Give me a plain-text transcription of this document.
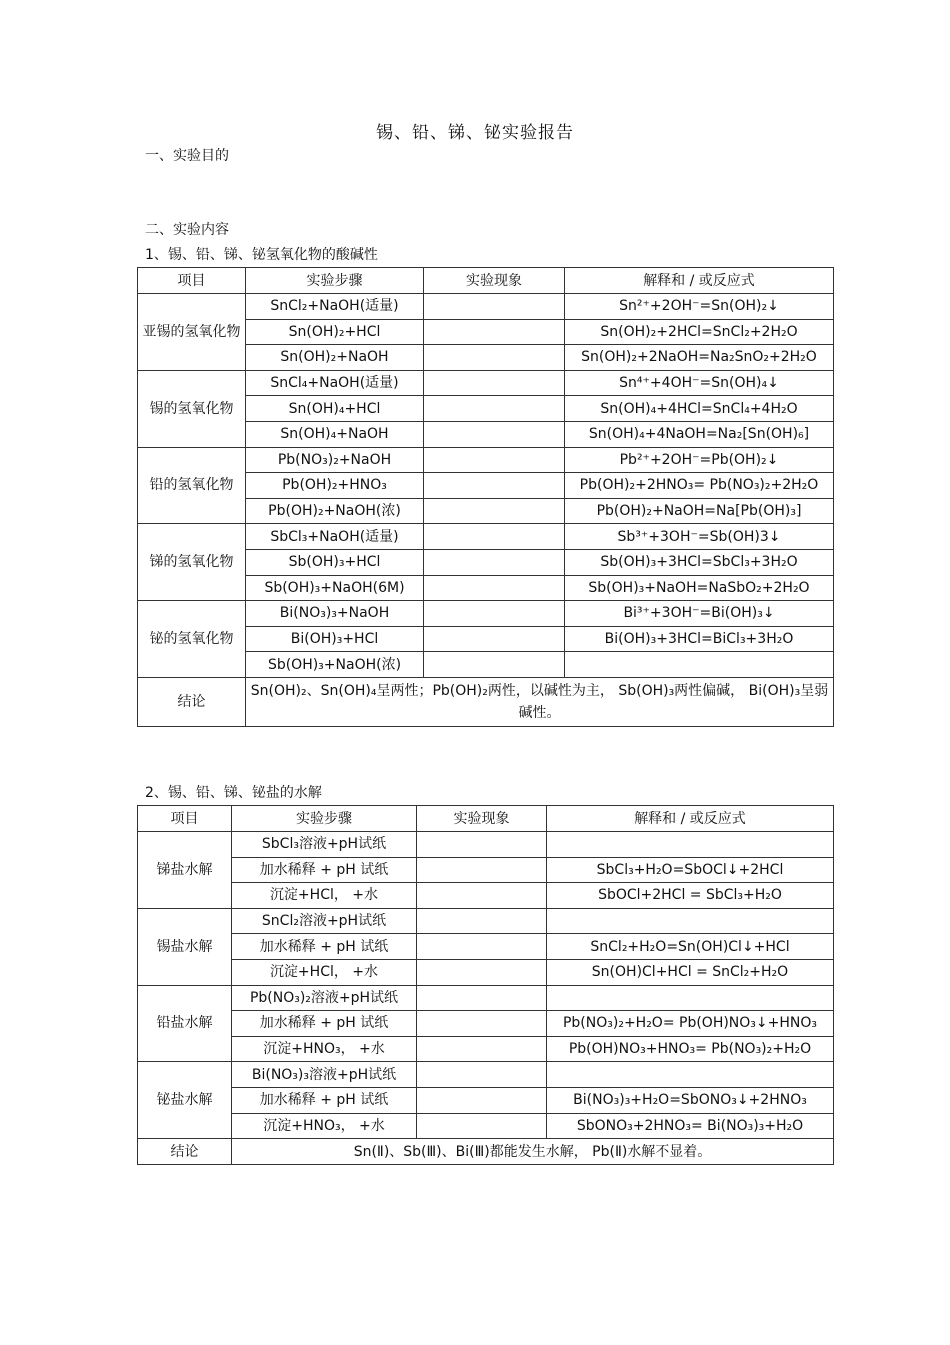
锡、铅、锑、铋实验报告
一、实验目的
二、实验内容
1、锡、铅、锑、铋氢氧化物的酸碱性
项目	实验步骤	实验现象	解释和 / 或反应式
亚锡的氢氧化物	SnCl₂+NaOH(适量)		Sn²⁺+2OH⁻=Sn(OH)₂↓
	Sn(OH)₂+HCl		Sn(OH)₂+2HCl=SnCl₂+2H₂O
	Sn(OH)₂+NaOH		Sn(OH)₂+2NaOH=Na₂SnO₂+2H₂O
锡的氢氧化物	SnCl₄+NaOH(适量)		Sn⁴⁺+4OH⁻=Sn(OH)₄↓
	Sn(OH)₄+HCl		Sn(OH)₄+4HCl=SnCl₄+4H₂O
	Sn(OH)₄+NaOH		Sn(OH)₄+4NaOH=Na₂[Sn(OH)₆]
铅的氢氧化物	Pb(NO₃)₂+NaOH		Pb²⁺+2OH⁻=Pb(OH)₂↓
	Pb(OH)₂+HNO₃		Pb(OH)₂+2HNO₃= Pb(NO₃)₂+2H₂O
	Pb(OH)₂+NaOH(浓)		Pb(OH)₂+NaOH=Na[Pb(OH)₃]
锑的氢氧化物	SbCl₃+NaOH(适量)		Sb³⁺+3OH⁻=Sb(OH)3↓
	Sb(OH)₃+HCl		Sb(OH)₃+3HCl=SbCl₃+3H₂O
	Sb(OH)₃+NaOH(6M)		Sb(OH)₃+NaOH=NaSbO₂+2H₂O
铋的氢氧化物	Bi(NO₃)₃+NaOH		Bi³⁺+3OH⁻=Bi(OH)₃↓
	Bi(OH)₃+HCl		Bi(OH)₃+3HCl=BiCl₃+3H₂O
	Sb(OH)₃+NaOH(浓)		
结论	Sn(OH)₂、Sn(OH)₄呈两性；Pb(OH)₂两性，以碱性为主， Sb(OH)₃两性偏碱， Bi(OH)₃呈弱碱性。		
2、锡、铅、锑、铋盐的水解
项目	实验步骤	实验现象	解释和 / 或反应式
锑盐水解	SbCl₃溶液+pH试纸		
	加水稀释 + pH 试纸		SbCl₃+H₂O=SbOCl↓+2HCl
	沉淀+HCl， +水		SbOCl+2HCl = SbCl₃+H₂O
锡盐水解	SnCl₂溶液+pH试纸		
	加水稀释 + pH 试纸		SnCl₂+H₂O=Sn(OH)Cl↓+HCl
	沉淀+HCl， +水		Sn(OH)Cl+HCl = SnCl₂+H₂O
铅盐水解	Pb(NO₃)₂溶液+pH试纸		
	加水稀释 + pH 试纸		Pb(NO₃)₂+H₂O= Pb(OH)NO₃↓+HNO₃
	沉淀+HNO₃， +水		Pb(OH)NO₃+HNO₃= Pb(NO₃)₂+H₂O
铋盐水解	Bi(NO₃)₃溶液+pH试纸		
	加水稀释 + pH 试纸		Bi(NO₃)₃+H₂O=SbONO₃↓+2HNO₃
	沉淀+HNO₃， +水		SbONO₃+2HNO₃= Bi(NO₃)₃+H₂O
结论	Sn(Ⅱ)、Sb(Ⅲ)、Bi(Ⅲ)都能发生水解， Pb(Ⅱ)水解不显着。		
